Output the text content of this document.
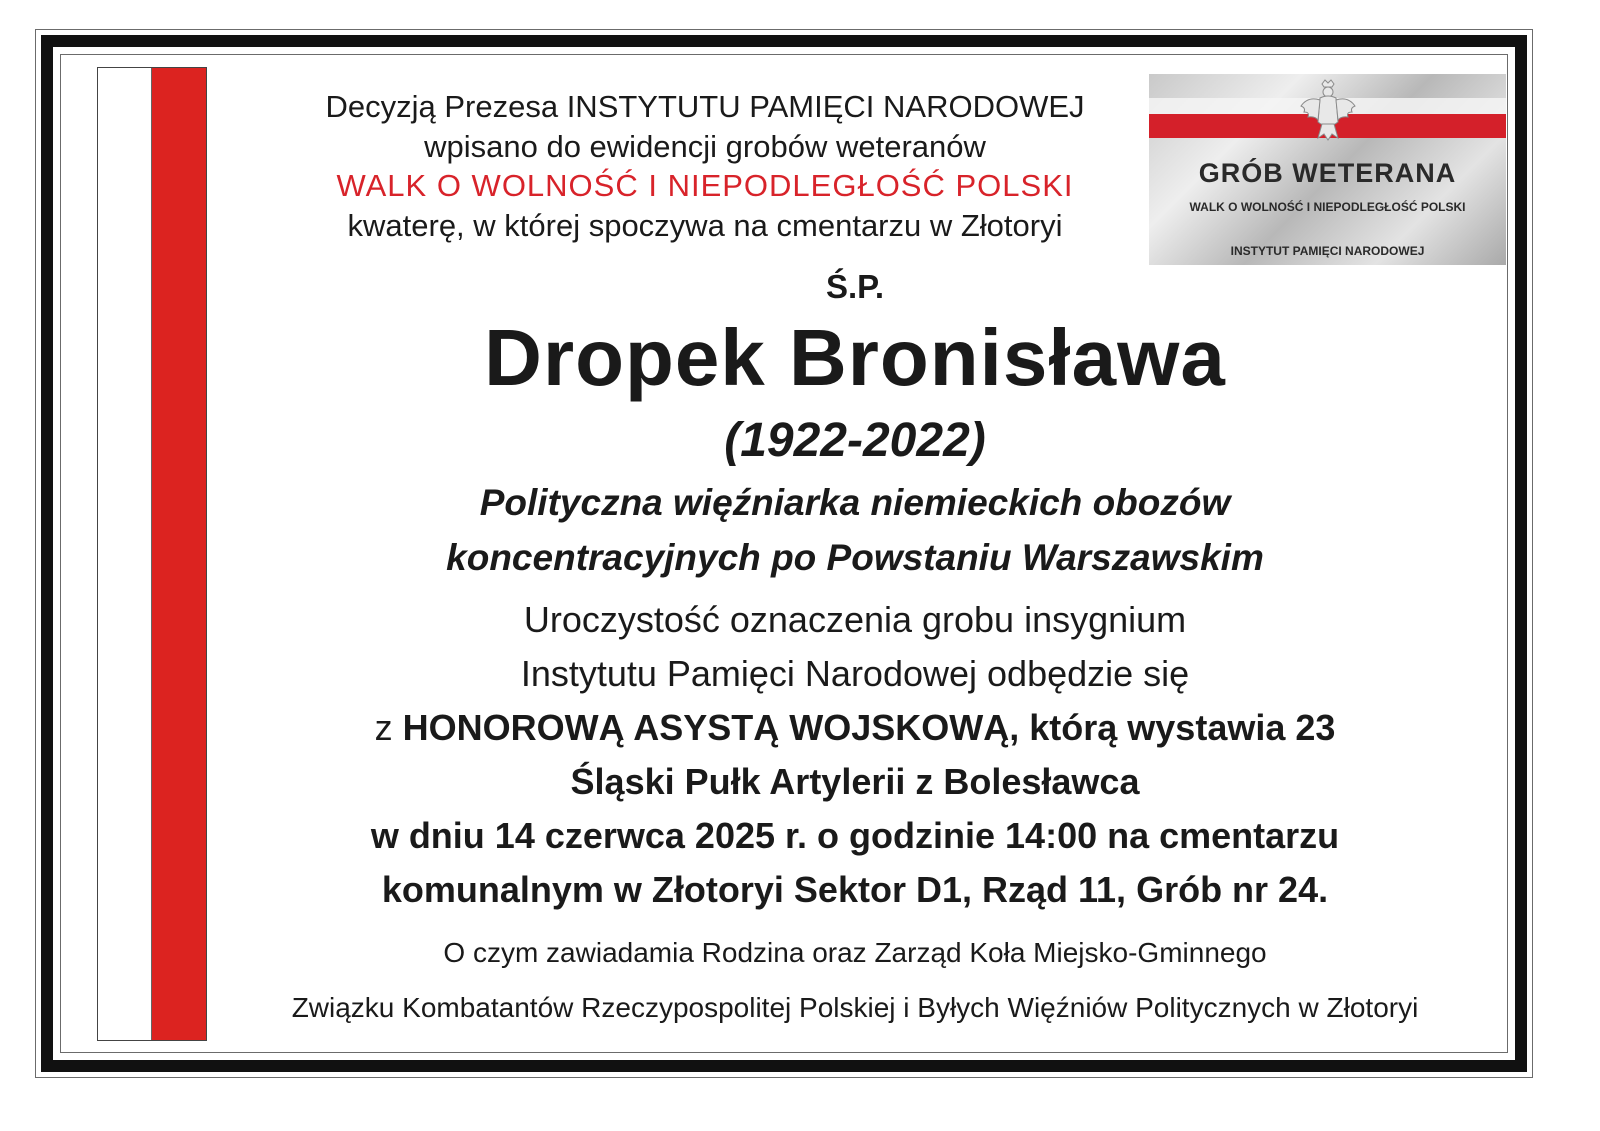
Decyzją Prezesa INSTYTUTU PAMIĘCI NARODOWEJ
wpisano do ewidencji grobów weteranów
WALK O WOLNOŚĆ I NIEPODLEGŁOŚĆ POLSKI
kwaterę, w której spoczywa na cmentarzu w Złotoryi
GRÓB WETERANA
WALK O WOLNOŚĆ I NIEPODLEGŁOŚĆ POLSKI
INSTYTUT PAMIĘCI NARODOWEJ
Ś.P.
Dropek Bronisława
(1922-2022)
Polityczna więźniarka niemieckich obozów
koncentracyjnych po Powstaniu Warszawskim
Uroczystość oznaczenia grobu insygnium
Instytutu Pamięci Narodowej odbędzie się
z HONOROWĄ ASYSTĄ WOJSKOWĄ, którą wystawia 23
Śląski Pułk Artylerii z Bolesławca
w dniu 14 czerwca 2025 r. o godzinie 14:00 na cmentarzu
komunalnym w Złotoryi Sektor D1, Rząd 11, Grób nr 24.
O czym zawiadamia Rodzina oraz Zarząd Koła Miejsko-Gminnego
Związku Kombatantów Rzeczypospolitej Polskiej i Byłych Więźniów Politycznych w Złotoryi
